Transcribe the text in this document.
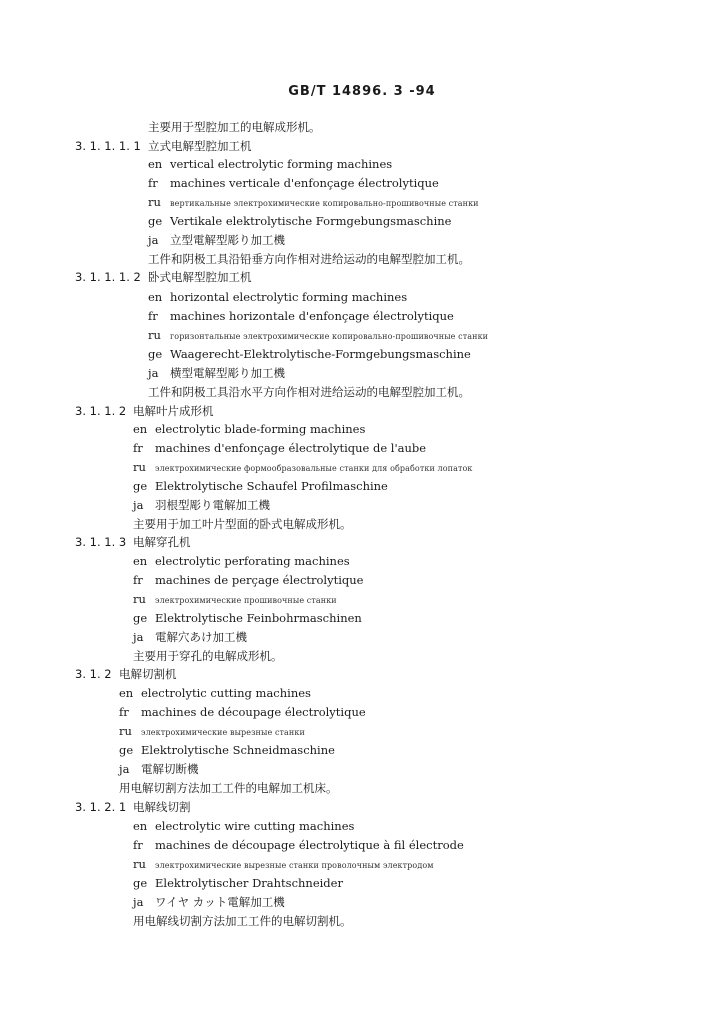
GB/T 14896. 3 -94
主要用于型腔加工的电解成形机。
3. 1. 1. 1. 1 立式电解型腔加工机
en vertical electrolytic forming machines
fr machines verticale d'enfonçage électrolytique
ru вертикальные электрохимические копировально-прошивочные станки
ge Vertikale elektrolytische Formgebungsmaschine
ja 立型電解型彫り加工機
工件和阴极工具沿铅垂方向作相对进给运动的电解型腔加工机。
3. 1. 1. 1. 2 卧式电解型腔加工机
en horizontal electrolytic forming machines
fr machines horizontale d'enfonçage électrolytique
ru горизонтальные электрохимические копировально-прошивочные станки
ge Waagerecht-Elektrolytische-Formgebungsmaschine
ja 横型電解型彫り加工機
工件和阴极工具沿水平方向作相对进给运动的电解型腔加工机。
3. 1. 1. 2 电解叶片成形机
en electrolytic blade-forming machines
fr machines d'enfonçage électrolytique de l'aube
ru электрохимические формообразовальные станки для обработки лопаток
ge Elektrolytische Schaufel Profilmaschine
ja 羽根型彫り電解加工機
主要用于加工叶片型面的卧式电解成形机。
3. 1. 1. 3 电解穿孔机
en electrolytic perforating machines
fr machines de perçage électrolytique
ru электрохимические прошивочные станки
ge Elektrolytische Feinbohrmaschinen
ja 電解穴あけ加工機
主要用于穿孔的电解成形机。
3. 1. 2 电解切割机
en electrolytic cutting machines
fr machines de découpage électrolytique
ru электрохимические вырезные станки
ge Elektrolytische Schneidmaschine
ja 電解切断機
用电解切割方法加工工件的电解加工机床。
3. 1. 2. 1 电解线切割
en electrolytic wire cutting machines
fr machines de découpage électrolytique à fil électrode
ru электрохимические вырезные станки проволочным электродом
ge Elektrolytischer Drahtschneider
ja ワイヤ カット電解加工機
用电解线切割方法加工工件的电解切割机。
